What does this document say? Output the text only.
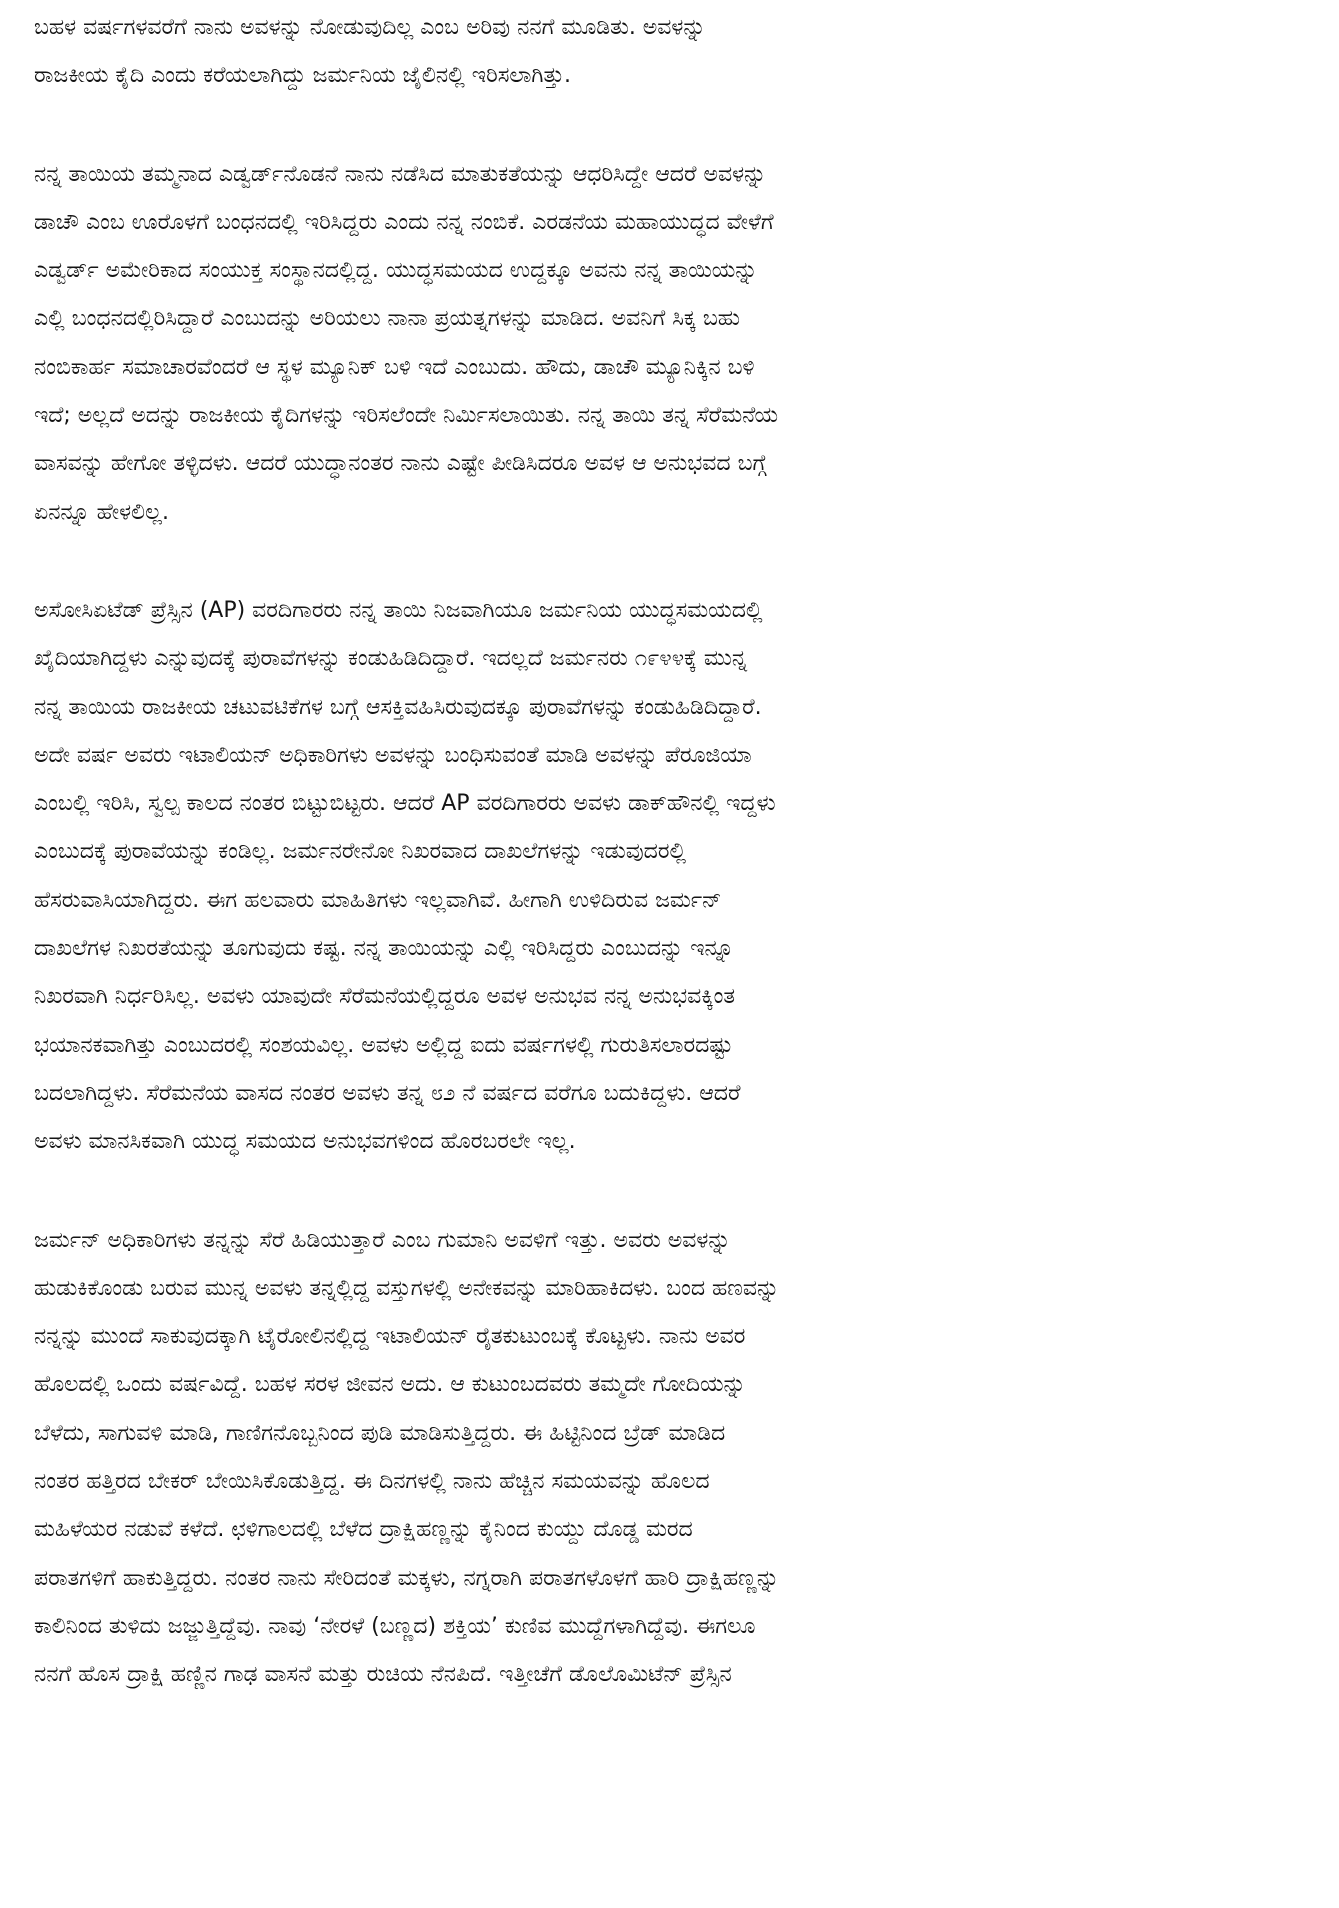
ಬಹಳ ವರ್ಷಗಳವರೆಗೆ ನಾನು ಅವಳನ್ನು ನೋಡುವುದಿಲ್ಲ ಎಂಬ ಅರಿವು ನನಗೆ ಮೂಡಿತು. ಅವಳನ್ನು
ರಾಜಕೀಯ ಕೈದಿ ಎಂದು ಕರೆಯಲಾಗಿದ್ದು ಜರ್ಮನಿಯ ಜೈಲಿನಲ್ಲಿ ಇರಿಸಲಾಗಿತ್ತು.
ನನ್ನ ತಾಯಿಯ ತಮ್ಮನಾದ ಎಡ್ವರ್ಡ್‌ನೊಡನೆ ನಾನು ನಡೆಸಿದ ಮಾತುಕತೆಯನ್ನು ಆಧರಿಸಿದ್ದೇ ಆದರೆ ಅವಳನ್ನು
ಡಾಚೌ ಎಂಬ ಊರೊಳಗೆ ಬಂಧನದಲ್ಲಿ ಇರಿಸಿದ್ದರು ಎಂದು ನನ್ನ ನಂಬಿಕೆ. ಎರಡನೆಯ ಮಹಾಯುದ್ಧದ ವೇಳೆಗೆ
ಎಡ್ವರ್ಡ್ ಅಮೇರಿಕಾದ ಸಂಯುಕ್ತ ಸಂಸ್ಥಾನದಲ್ಲಿದ್ದ. ಯುದ್ಧಸಮಯದ ಉದ್ದಕ್ಕೂ ಅವನು ನನ್ನ ತಾಯಿಯನ್ನು
ಎಲ್ಲಿ ಬಂಧನದಲ್ಲಿರಿಸಿದ್ದಾರೆ ಎಂಬುದನ್ನು ಅರಿಯಲು ನಾನಾ ಪ್ರಯತ್ನಗಳನ್ನು ಮಾಡಿದ. ಅವನಿಗೆ ಸಿಕ್ಕ ಬಹು
ನಂಬಿಕಾರ್ಹ ಸಮಾಚಾರವೆಂದರೆ ಆ ಸ್ಥಳ ಮ್ಯೂನಿಕ್ ಬಳಿ ಇದೆ ಎಂಬುದು. ಹೌದು, ಡಾಚೌ ಮ್ಯೂನಿಕ್ಕಿನ ಬಳಿ
ಇದೆ; ಅಲ್ಲದೆ ಅದನ್ನು ರಾಜಕೀಯ ಕೈದಿಗಳನ್ನು ಇರಿಸಲೆಂದೇ ನಿರ್ಮಿಸಲಾಯಿತು. ನನ್ನ ತಾಯಿ ತನ್ನ ಸೆರೆಮನೆಯ
ವಾಸವನ್ನು ಹೇಗೋ ತಳ್ಳಿದಳು. ಆದರೆ ಯುದ್ಧಾನಂತರ ನಾನು ಎಷ್ಟೇ ಪೀಡಿಸಿದರೂ ಅವಳ ಆ ಅನುಭವದ ಬಗ್ಗೆ
ಏನನ್ನೂ ಹೇಳಲಿಲ್ಲ.
ಅಸೋಸಿಏಟೆಡ್ ಪ್ರೆಸ್ಸಿನ (AP) ವರದಿಗಾರರು ನನ್ನ ತಾಯಿ ನಿಜವಾಗಿಯೂ ಜರ್ಮನಿಯ ಯುದ್ಧಸಮಯದಲ್ಲಿ
ಖೈದಿಯಾಗಿದ್ದಳು ಎನ್ನುವುದಕ್ಕೆ ಪುರಾವೆಗಳನ್ನು ಕಂಡುಹಿಡಿದಿದ್ದಾರೆ. ಇದಲ್ಲದೆ ಜರ್ಮನರು ೧೯೪೪ಕ್ಕೆ ಮುನ್ನ
ನನ್ನ ತಾಯಿಯ ರಾಜಕೀಯ ಚಟುವಟಿಕೆಗಳ ಬಗ್ಗೆ ಆಸಕ್ತಿವಹಿಸಿರುವುದಕ್ಕೂ ಪುರಾವೆಗಳನ್ನು ಕಂಡುಹಿಡಿದಿದ್ದಾರೆ.
ಅದೇ ವರ್ಷ ಅವರು ಇಟಾಲಿಯನ್ ಅಧಿಕಾರಿಗಳು ಅವಳನ್ನು ಬಂಧಿಸುವಂತೆ ಮಾಡಿ ಅವಳನ್ನು ಪೆರೂಜಿಯಾ
ಎಂಬಲ್ಲಿ ಇರಿಸಿ, ಸ್ವಲ್ಪ ಕಾಲದ ನಂತರ ಬಿಟ್ಟುಬಿಟ್ಟರು. ಆದರೆ AP ವರದಿಗಾರರು ಅವಳು ಡಾಕ್‌ಹೌನಲ್ಲಿ ಇದ್ದಳು
ಎಂಬುದಕ್ಕೆ ಪುರಾವೆಯನ್ನು ಕಂಡಿಲ್ಲ. ಜರ್ಮನರೇನೋ ನಿಖರವಾದ ದಾಖಲೆಗಳನ್ನು ಇಡುವುದರಲ್ಲಿ
ಹೆಸರುವಾಸಿಯಾಗಿದ್ದರು. ಈಗ ಹಲವಾರು ಮಾಹಿತಿಗಳು ಇಲ್ಲವಾಗಿವೆ. ಹೀಗಾಗಿ ಉಳಿದಿರುವ ಜರ್ಮನ್
ದಾಖಲೆಗಳ ನಿಖರತೆಯನ್ನು ತೂಗುವುದು ಕಷ್ಟ. ನನ್ನ ತಾಯಿಯನ್ನು ಎಲ್ಲಿ ಇರಿಸಿದ್ದರು ಎಂಬುದನ್ನು ಇನ್ನೂ
ನಿಖರವಾಗಿ ನಿರ್ಧರಿಸಿಲ್ಲ. ಅವಳು ಯಾವುದೇ ಸೆರೆಮನೆಯಲ್ಲಿದ್ದರೂ ಅವಳ ಅನುಭವ ನನ್ನ ಅನುಭವಕ್ಕಿಂತ
ಭಯಾನಕವಾಗಿತ್ತು ಎಂಬುದರಲ್ಲಿ ಸಂಶಯವಿಲ್ಲ. ಅವಳು ಅಲ್ಲಿದ್ದ ಐದು ವರ್ಷಗಳಲ್ಲಿ ಗುರುತಿಸಲಾರದಷ್ಟು
ಬದಲಾಗಿದ್ದಳು. ಸೆರೆಮನೆಯ ವಾಸದ ನಂತರ ಅವಳು ತನ್ನ ೮೨ ನೆ ವರ್ಷದ ವರೆಗೂ ಬದುಕಿದ್ದಳು. ಆದರೆ
ಅವಳು ಮಾನಸಿಕವಾಗಿ ಯುದ್ಧ ಸಮಯದ ಅನುಭವಗಳಿಂದ ಹೊರಬರಲೇ ಇಲ್ಲ.
ಜರ್ಮನ್ ಅಧಿಕಾರಿಗಳು ತನ್ನನ್ನು ಸೆರೆ ಹಿಡಿಯುತ್ತಾರೆ ಎಂಬ ಗುಮಾನಿ ಅವಳಿಗೆ ಇತ್ತು. ಅವರು ಅವಳನ್ನು
ಹುಡುಕಿಕೊಂಡು ಬರುವ ಮುನ್ನ ಅವಳು ತನ್ನಲ್ಲಿದ್ದ ವಸ್ತುಗಳಲ್ಲಿ ಅನೇಕವನ್ನು ಮಾರಿಹಾಕಿದಳು. ಬಂದ ಹಣವನ್ನು
ನನ್ನನ್ನು ಮುಂದೆ ಸಾಕುವುದಕ್ಕಾಗಿ ಟೈರೋಲಿನಲ್ಲಿದ್ದ ಇಟಾಲಿಯನ್ ರೈತಕುಟುಂಬಕ್ಕೆ ಕೊಟ್ಟಳು. ನಾನು ಅವರ
ಹೊಲದಲ್ಲಿ ಒಂದು ವರ್ಷವಿದ್ದೆ. ಬಹಳ ಸರಳ ಜೀವನ ಅದು. ಆ ಕುಟುಂಬದವರು ತಮ್ಮದೇ ಗೋದಿಯನ್ನು
ಬೆಳೆದು, ಸಾಗುವಳಿ ಮಾಡಿ, ಗಾಣಿಗನೊಬ್ಬನಿಂದ ಪುಡಿ ಮಾಡಿಸುತ್ತಿದ್ದರು. ಈ ಹಿಟ್ಟಿನಿಂದ ಬ್ರೆಡ್ ಮಾಡಿದ
ನಂತರ ಹತ್ತಿರದ ಬೇಕರ್ ಬೇಯಿಸಿಕೊಡುತ್ತಿದ್ದ. ಈ ದಿನಗಳಲ್ಲಿ ನಾನು ಹೆಚ್ಚಿನ ಸಮಯವನ್ನು ಹೊಲದ
ಮಹಿಳೆಯರ ನಡುವೆ ಕಳೆದೆ. ಛಳಿಗಾಲದಲ್ಲಿ ಬೆಳೆದ ದ್ರಾಕ್ಷಿಹಣ್ಣನ್ನು ಕೈನಿಂದ ಕುಯ್ದು ದೊಡ್ಡ ಮರದ
ಪರಾತಗಳಿಗೆ ಹಾಕುತ್ತಿದ್ದರು. ನಂತರ ನಾನು ಸೇರಿದಂತೆ ಮಕ್ಕಳು, ನಗ್ನರಾಗಿ ಪರಾತಗಳೊಳಗೆ ಹಾರಿ ದ್ರಾಕ್ಷಿಹಣ್ಣನ್ನು
ಕಾಲಿನಿಂದ ತುಳಿದು ಜಜ್ಜುತ್ತಿದ್ದೆವು. ನಾವು ‘ನೇರಳೆ (ಬಣ್ಣದ) ಶಕ್ತಿಯ’ ಕುಣಿವ ಮುದ್ದೆಗಳಾಗಿದ್ದೆವು. ಈಗಲೂ
ನನಗೆ ಹೊಸ ದ್ರಾಕ್ಷಿ ಹಣ್ಣಿನ ಗಾಢ ವಾಸನೆ ಮತ್ತು ರುಚಿಯ ನೆನಪಿದೆ. ಇತ್ತೀಚೆಗೆ ಡೊಲೊಮಿಟೆನ್ ಪ್ರೆಸ್ಸಿನ
